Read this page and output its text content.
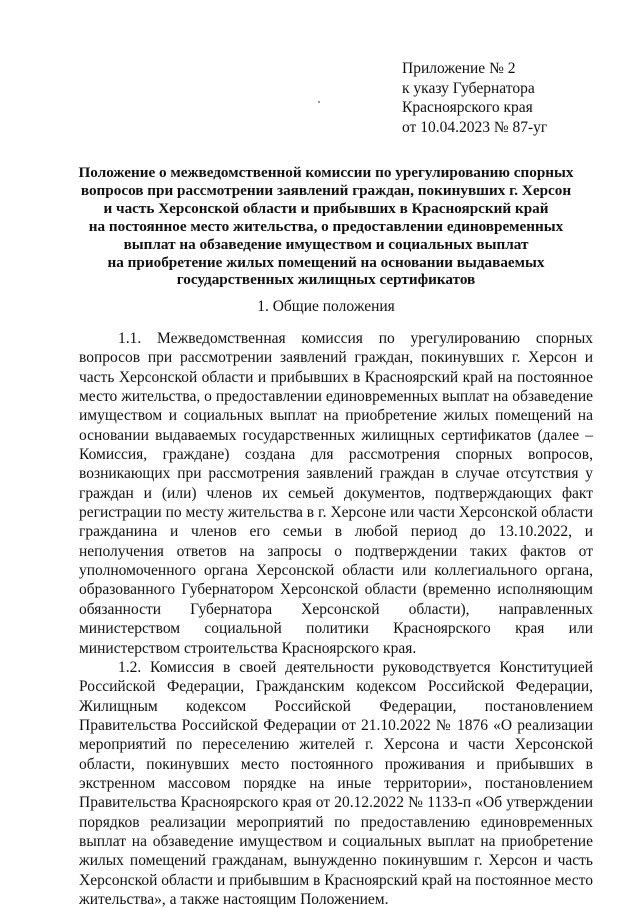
Приложение № 2
к указу Губернатора
Красноярского края
от 10.04.2023 № 87-уг
Положение о межведомственной комиссии по урегулированию спорных
вопросов при рассмотрении заявлений граждан, покинувших г. Херсон
и часть Херсонской области и прибывших в Красноярский край
на постоянное место жительства, о предоставлении единовременных
выплат на обзаведение имуществом и социальных выплат
на приобретение жилых помещений на основании выдаваемых
государственных жилищных сертификатов
1. Общие положения

1.1. Межведомственная комиссия по урегулированию спорных вопросов при рассмотрении заявлений граждан, покинувших г. Херсон и часть Херсонской области и прибывших в Красноярский край на постоянное место жительства, о предоставлении единовременных выплат на обзаведение имуществом и социальных выплат на приобретение жилых помещений на основании выдаваемых государственных жилищных сертификатов (далее – Комиссия, граждане) создана для рассмотрения спорных вопросов, возникающих при рассмотрения заявлений граждан в случае отсутствия у граждан и (или) членов их семьей документов, подтверждающих факт регистрации по месту жительства в г. Херсоне или части Херсонской области гражданина и членов его семьи в любой период до 13.10.2022, и неполучения ответов на запросы о подтверждении таких фактов от уполномоченного органа Херсонской области или коллегиального органа, образованного Губернатором Херсонской области (временно исполняющим обязанности Губернатора Херсонской области), направленных министерством социальной политики Красноярского края или министерством строительства Красноярского края.

1.2. Комиссия в своей деятельности руководствуется Конституцией Российской Федерации, Гражданским кодексом Российской Федерации, Жилищным кодексом Российской Федерации, постановлением Правительства Российской Федерации от 21.10.2022 № 1876 «О реализации мероприятий по переселению жителей г. Херсона и части Херсонской области, покинувших место постоянного проживания и прибывших в экстренном массовом порядке на иные территории», постановлением Правительства Красноярского края от 20.12.2022 № 1133-п «Об утверждении порядков реализации мероприятий по предоставлению единовременных выплат на обзаведение имуществом и социальных выплат на приобретение жилых помещений гражданам, вынужденно покинувшим г. Херсон и часть Херсонской области и прибывшим в Красноярский край на постоянное место жительства», а также настоящим Положением.
